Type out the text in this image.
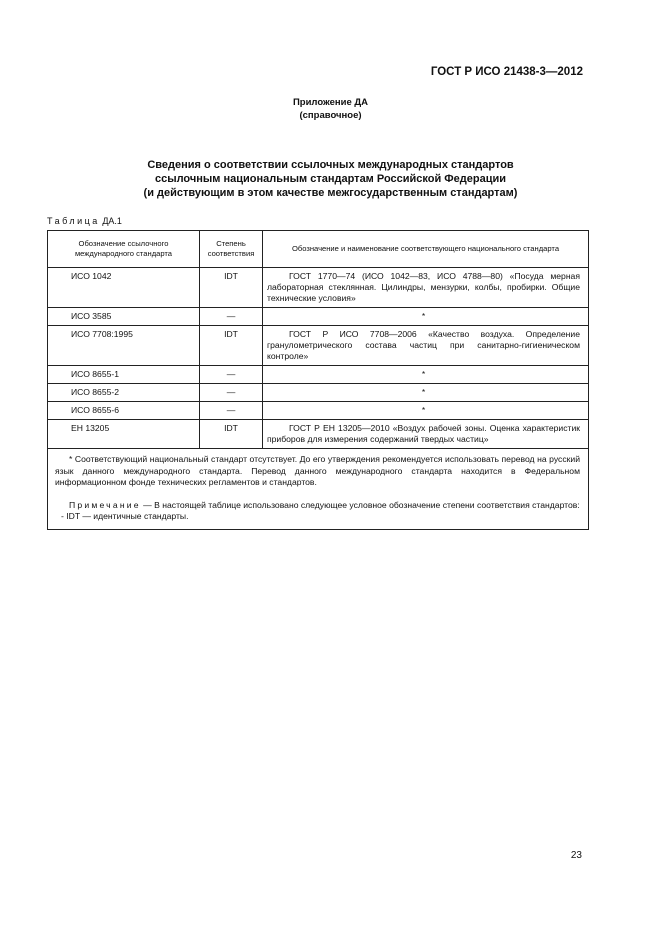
ГОСТ Р ИСО 21438-3—2012
Приложение ДА
(справочное)
Сведения о соответствии ссылочных международных стандартов
ссылочным национальным стандартам Российской Федерации
(и действующим в этом качестве межгосударственным стандартам)
Таблица ДА.1
Обозначение ссылочного международного стандарта	Степень соответствия	Обозначение и наименование соответствующего национального стандарта
ИСО 1042	IDT	ГОСТ 1770—74 (ИСО 1042—83, ИСО 4788—80) «Посуда мерная лабораторная стеклянная. Цилиндры, мензурки, колбы, пробирки. Общие технические условия»

ИСО 3585	—	*
ИСО 7708:1995	IDT	ГОСТ Р ИСО 7708—2006 «Качество воздуха. Определение гранулометрического состава частиц при санитарно-гигиеническом контроле»

ИСО 8655-1	—	*
ИСО 8655-2	—	*
ИСО 8655-6	—	*
ЕН 13205	IDT	ГОСТ Р ЕН 13205—2010 «Воздух рабочей зоны. Оценка характеристик приборов для измерения содержаний твердых частиц»

* Соответствующий национальный стандарт отсутствует. До его утверждения рекомендуется использовать перевод на русский язык данного международного стандарта. Перевод данного международного стандарта находится в Федеральном информационном фонде технических регламентов и стандартов.

Примечание — В настоящей таблице использовано следующее условное обозначение степени соответствия стандартов:

- IDT — идентичные стандарты.		

23
